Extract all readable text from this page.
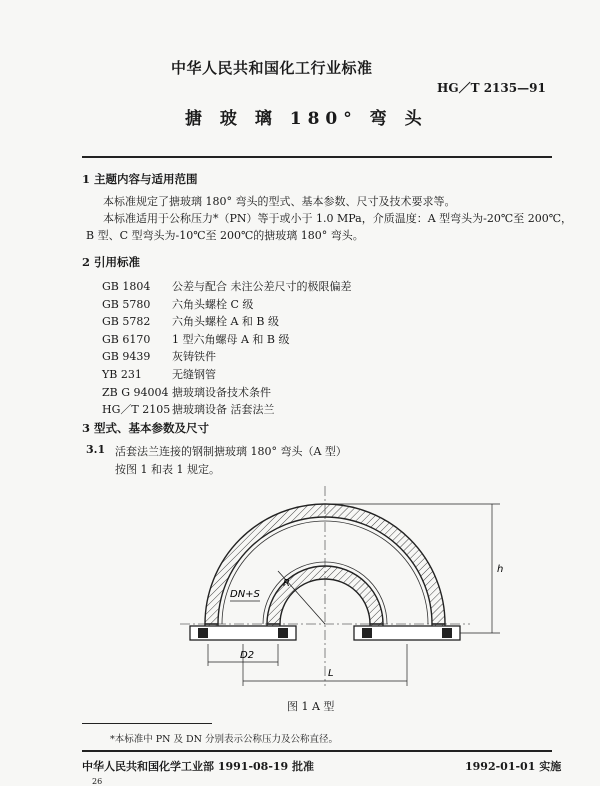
中华人民共和国化工行业标准
HG／T 2135—91
搪 玻 璃 180° 弯 头
1 主题内容与适用范围
本标准规定了搪玻璃 180° 弯头的型式、基本参数、尺寸及技术要求等。
本标准适用于公称压力*（PN）等于或小于 1.0 MPa，介质温度：A 型弯头为-20℃至 200℃，
B 型、C 型弯头为-10℃至 200℃的搪玻璃 180° 弯头。
2 引用标准
GB 1804	公差与配合 未注公差尺寸的极限偏差
GB 5780	六角头螺栓 C 级
GB 5782	六角头螺栓 A 和 B 级
GB 6170	1 型六角螺母 A 和 B 级
GB 9439	灰铸铁件
YB 231	无缝钢管
ZB G 94004 搪玻璃设备技术条件
HG／T 2105 搪玻璃设备 活套法兰
3 型式、基本参数及尺寸
3.1 活套法兰连接的钢制搪玻璃 180° 弯头（A 型）
按图 1 和表 1 规定。
R
DN+S
D2
L
h
图 1 A 型
*本标准中 PN 及 DN 分别表示公称压力及公称直径。
中华人民共和国化学工业部 1991-08-19 批准	1992-01-01 实施
26
